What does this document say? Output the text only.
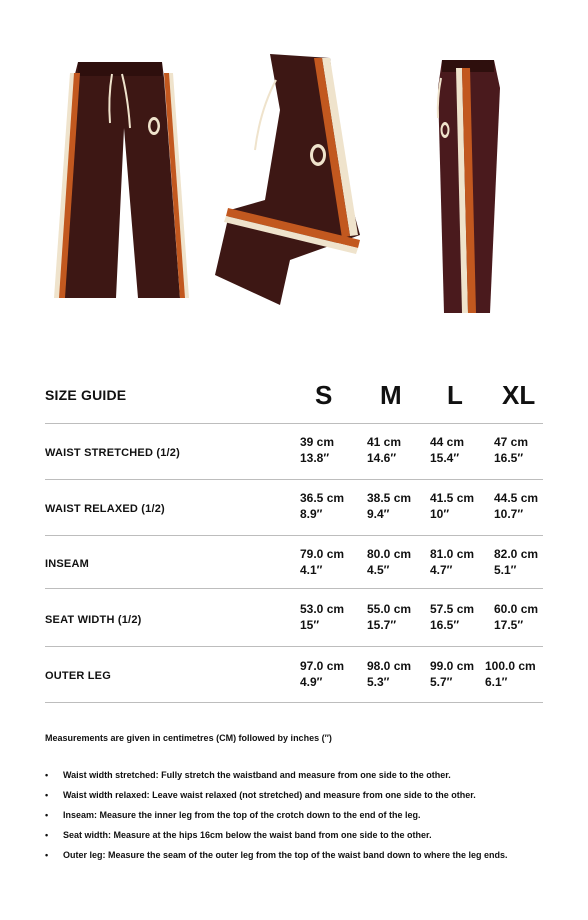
SIZE GUIDE	S M L XL
WAIST STRETCHED (1/2)
39 cm
13.8″
41 cm
14.6″
44 cm
15.4″
47 cm
16.5″
WAIST RELAXED (1/2)
36.5 cm
8.9″
38.5 cm
9.4″
41.5 cm
10″
44.5 cm
10.7″
INSEAM
79.0 cm
4.1″
80.0 cm
4.5″
81.0 cm
4.7″
82.0 cm
5.1″
SEAT WIDTH (1/2)
53.0 cm
15″
55.0 cm
15.7″
57.5 cm
16.5″
60.0 cm
17.5″
OUTER LEG
97.0 cm
4.9″
98.0 cm
5.3″
99.0 cm
5.7″
100.0 cm
6.1″
Measurements are given in centimetres (CM) followed by inches (″)
• Waist width stretched: Fully stretch the waistband and measure from one side to the other.
• Waist width relaxed: Leave waist relaxed (not stretched) and measure from one side to the other.
• Inseam: Measure the inner leg from the top of the crotch down to the end of the leg.
• Seat width: Measure at the hips 16cm below the waist band from one side to the other.
• Outer leg: Measure the seam of the outer leg from the top of the waist band down to where the leg ends.
